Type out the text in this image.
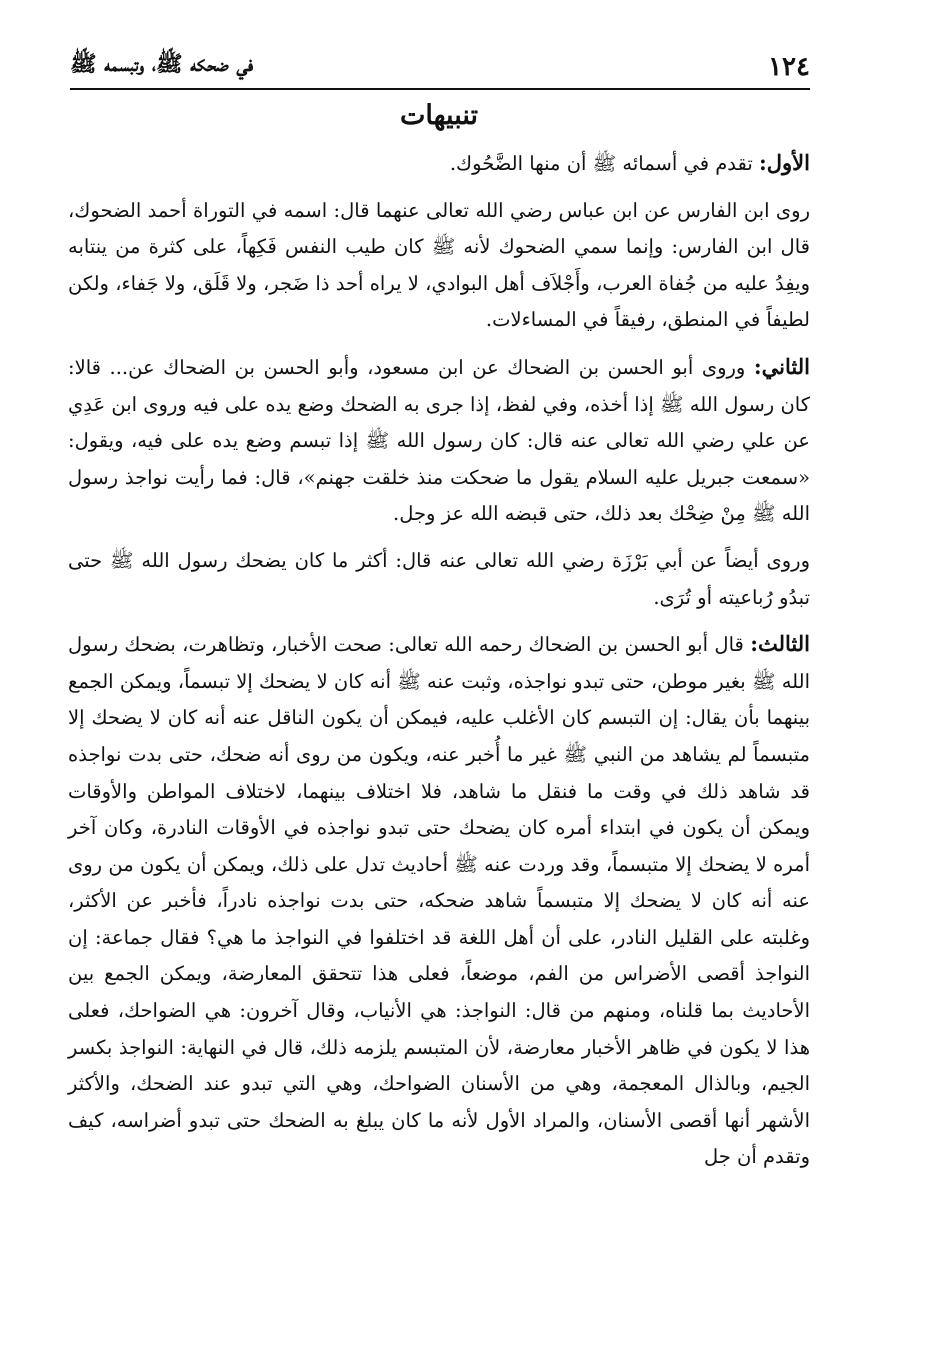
١٢٤
في ضحكه ﷺ، وتبسمه ﷺ
تنبيهات

الأول: تقدم في أسمائه ﷺ أن منها الضَّحُوك.

روى ابن الفارس عن ابن عباس رضي الله تعالى عنهما قال: اسمه في التوراة أحمد الضحوك، قال ابن الفارس: وإنما سمي الضحوك لأنه ﷺ كان طيب النفس فَكِهاً، على كثرة من ينتابه ويفِدُ عليه من جُفاة العرب، وأَجْلاَف أهل البوادي، لا يراه أحد ذا ضَجر، ولا قَلَق، ولا جَفاء، ولكن لطيفاً في المنطق، رفيقاً في المساءلات.

الثاني: وروى أبو الحسن بن الضحاك عن ابن مسعود، وأبو الحسن بن الضحاك عن... قالا: كان رسول الله ﷺ إذا أخذه، وفي لفظ، إذا جرى به الضحك وضع يده على فيه وروى ابن عَدِي عن علي رضي الله تعالى عنه قال: كان رسول الله ﷺ إذا تبسم وضع يده على فيه، ويقول: «سمعت جبريل عليه السلام يقول ما ضحكت منذ خلقت جهنم»، قال: فما رأيت نواجذ رسول الله ﷺ مِنْ ضِحْك بعد ذلك، حتى قبضه الله عز وجل.

وروى أيضاً عن أبي بَرْزَة رضي الله تعالى عنه قال: أكثر ما كان يضحك رسول الله ﷺ حتى تبدُو رُباعيته أو تُرَى.

الثالث: قال أبو الحسن بن الضحاك رحمه الله تعالى: صحت الأخبار، وتظاهرت، بضحك رسول الله ﷺ بغير موطن، حتى تبدو نواجذه، وثبت عنه ﷺ أنه كان لا يضحك إلا تبسماً، ويمكن الجمع بينهما بأن يقال: إن التبسم كان الأغلب عليه، فيمكن أن يكون الناقل عنه أنه كان لا يضحك إلا متبسماً لم يشاهد من النبي ﷺ غير ما أُخبر عنه، ويكون من روى أنه ضحك، حتى بدت نواجذه قد شاهد ذلك في وقت ما فنقل ما شاهد، فلا اختلاف بينهما، لاختلاف المواطن والأوقات ويمكن أن يكون في ابتداء أمره كان يضحك حتى تبدو نواجذه في الأوقات النادرة، وكان آخر أمره لا يضحك إلا متبسماً، وقد وردت عنه ﷺ أحاديث تدل على ذلك، ويمكن أن يكون من روى عنه أنه كان لا يضحك إلا متبسماً شاهد ضحكه، حتى بدت نواجذه نادراً، فأخبر عن الأكثر، وغلبته على القليل النادر، على أن أهل اللغة قد اختلفوا في النواجذ ما هي؟ فقال جماعة: إن النواجذ أقصى الأضراس من الفم، موضعاً، فعلى هذا تتحقق المعارضة، ويمكن الجمع بين الأحاديث بما قلناه، ومنهم من قال: النواجذ: هي الأنياب، وقال آخرون: هي الضواحك، فعلى هذا لا يكون في ظاهر الأخبار معارضة، لأن المتبسم يلزمه ذلك، قال في النهاية: النواجذ بكسر الجيم، وبالذال المعجمة، وهي من الأسنان الضواحك، وهي التي تبدو عند الضحك، والأكثر الأشهر أنها أقصى الأسنان، والمراد الأول لأنه ما كان يبلغ به الضحك حتى تبدو أضراسه، كيف وتقدم أن جل
